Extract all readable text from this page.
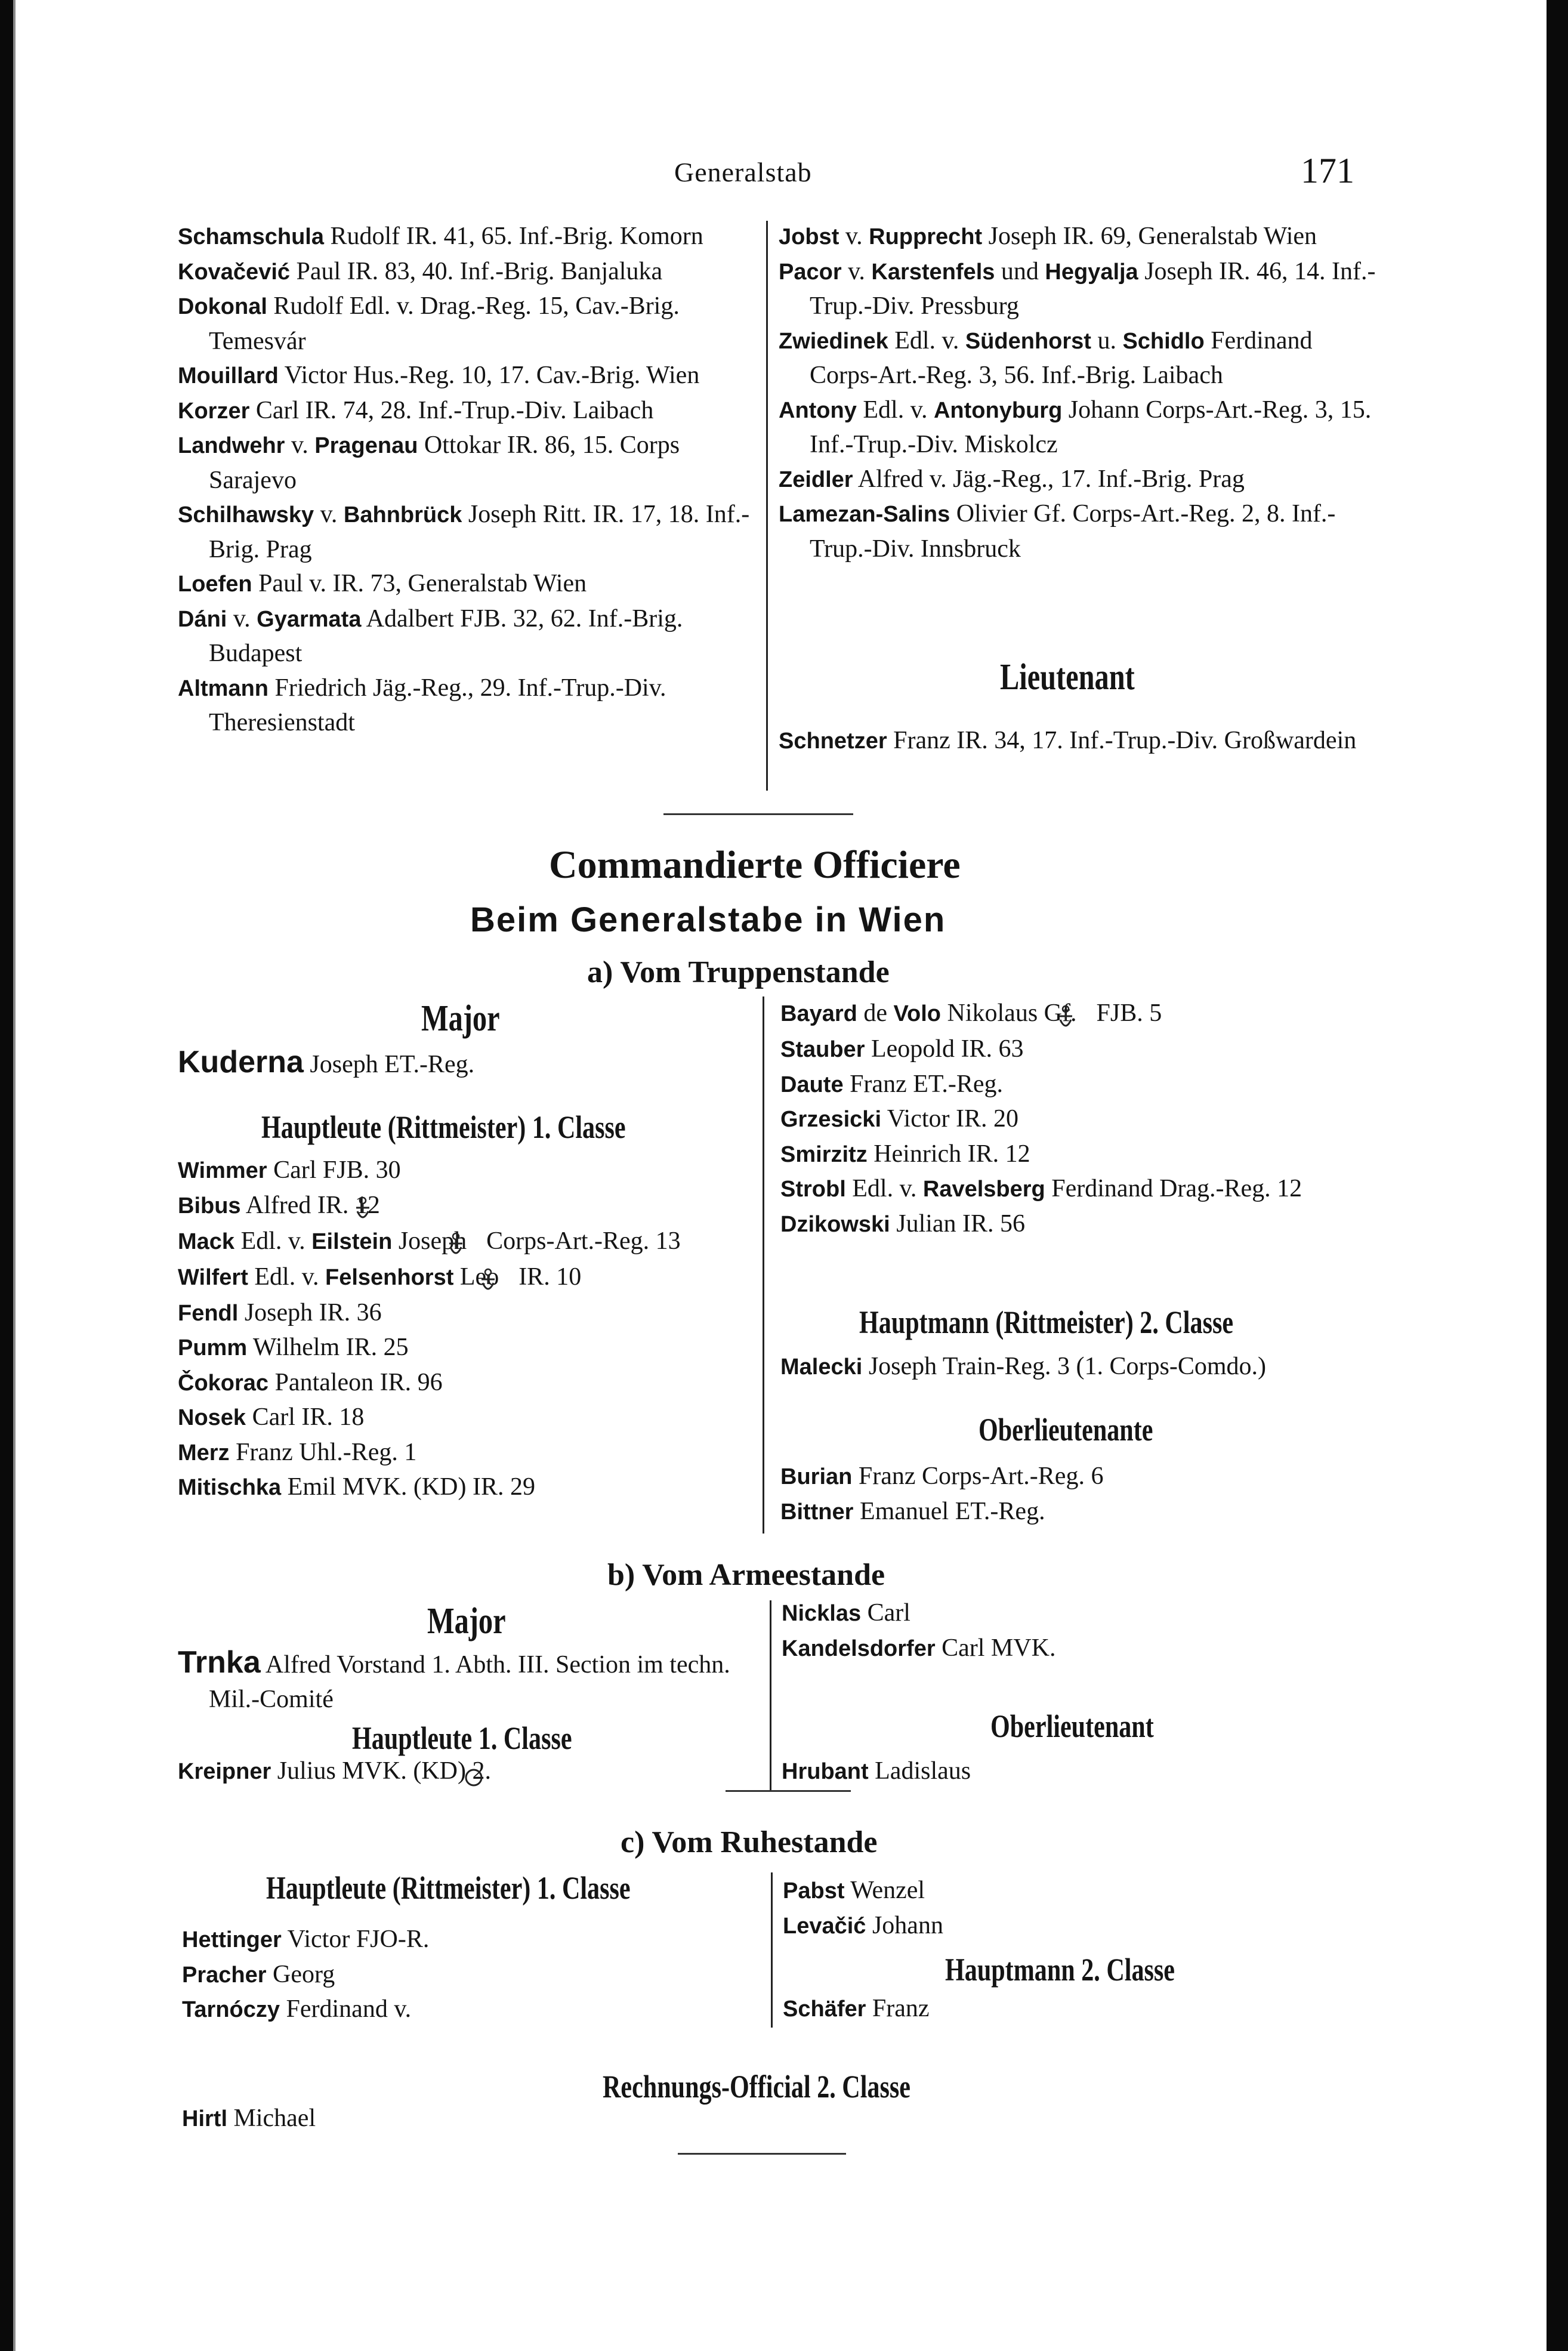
Generalstab	171

Schamschula Rudolf IR. 41, 65. Inf.-Brig. Komorn

Kovačević Paul IR. 83, 40. Inf.-Brig. Banjaluka

Dokonal Rudolf Edl. v. Drag.-Reg. 15, Cav.-Brig. Temesvár

Mouillard Victor Hus.-Reg. 10, 17. Cav.-Brig. Wien

Korzer Carl IR. 74, 28. Inf.-Trup.-Div. Laibach

Landwehr v. Pragenau Ottokar IR. 86, 15. Corps Sarajevo

Schilhawsky v. Bahnbrück Joseph Ritt. IR. 17, 18. Inf.-Brig. Prag

Loefen Paul v. IR. 73, Generalstab Wien

Dáni v. Gyarmata Adalbert FJB. 32, 62. Inf.-Brig. Budapest

Altmann Friedrich Jäg.-Reg., 29. Inf.-Trup.-Div. Theresienstadt

Jobst v. Rupprecht Joseph IR. 69, Generalstab Wien

Pacor v. Karstenfels und Hegyalja Joseph IR. 46, 14. Inf.-Trup.-Div. Pressburg

Zwiedinek Edl. v. Südenhorst u. Schidlo Ferdinand Corps-Art.-Reg. 3, 56. Inf.-Brig. Laibach

Antony Edl. v. Antonyburg Johann Corps-Art.-Reg. 3, 15. Inf.-Trup.-Div. Miskolcz

Zeidler Alfred v. Jäg.-Reg., 17. Inf.-Brig. Prag

Lamezan-Salins Olivier Gf. Corps-Art.-Reg. 2, 8. Inf.-Trup.-Div. Innsbruck

Lieutenant

Schnetzer Franz IR. 34, 17. Inf.-Trup.-Div. Großwardein

Commandierte Officiere
Beim Generalstabe in Wien
a) Vom Truppenstande
Major

Kuderna Joseph ET.-Reg.

Hauptleute (Rittmeister) 1. Classe

Wimmer Carl FJB. 30

Bibus Alfred IR. 12

Mack Edl. v. Eilstein Joseph  Corps-Art.-Reg. 13

Wilfert Edl. v. Felsenhorst Leo  IR. 10

Fendl Joseph IR. 36

Pumm Wilhelm IR. 25

Čokorac Pantaleon IR. 96

Nosek Carl IR. 18

Merz Franz Uhl.-Reg. 1

Mitischka Emil MVK. (KD) IR. 29

Bayard de Volo Nikolaus Gf.  FJB. 5

Stauber Leopold IR. 63

Daute Franz ET.-Reg.

Grzesicki Victor IR. 20

Smirzitz Heinrich IR. 12

Strobl Edl. v. Ravelsberg Ferdinand Drag.-Reg. 12

Dzikowski Julian IR. 56

Hauptmann (Rittmeister) 2. Classe

Malecki Joseph Train-Reg. 3 (1. Corps-Comdo.)

Oberlieutenante

Burian Franz Corps-Art.-Reg. 6

Bittner Emanuel ET.-Reg.

b) Vom Armeestande
Major

Trnka Alfred Vorstand 1. Abth. III. Section im techn. Mil.-Comité

Hauptleute 1. Classe

Kreipner Julius MVK. (KD) 2.

Nicklas Carl

Kandelsdorfer Carl MVK.

Oberlieutenant

Hrubant Ladislaus

c) Vom Ruhestande
Hauptleute (Rittmeister) 1. Classe

Hettinger Victor FJO-R.

Pracher Georg

Tarnóczy Ferdinand v.

Pabst Wenzel

Levačić Johann

Hauptmann 2. Classe

Schäfer Franz

Rechnungs-Official 2. Classe

Hirtl Michael
